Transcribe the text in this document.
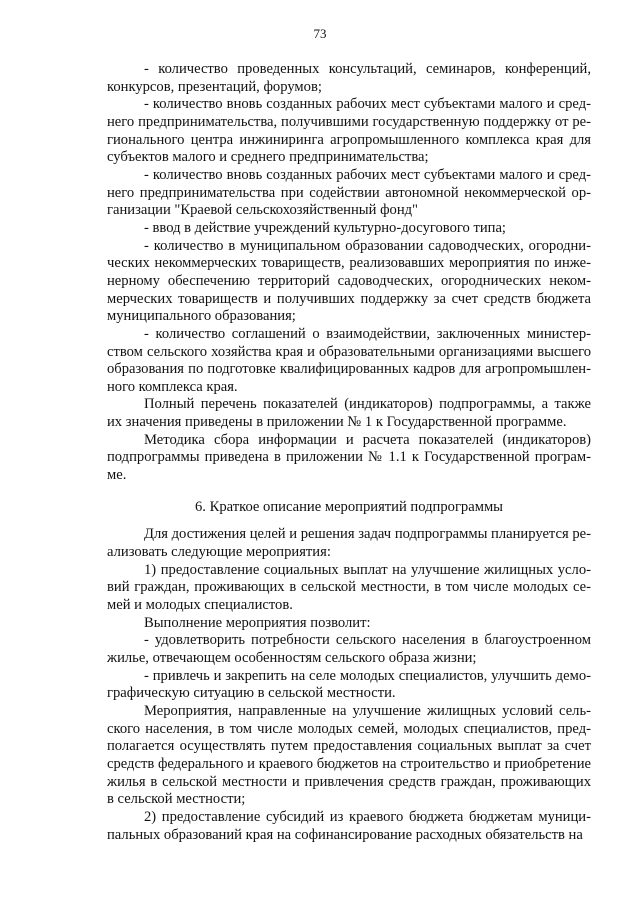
73

- количество проведенных консультаций, семинаров, конференций, конкурсов, презентаций, форумов;

- количество вновь созданных рабочих мест субъектами малого и среднего предпринимательства, получившими государственную поддержку от регионального центра инжиниринга агропромышленного комплекса края для субъектов малого и среднего предпринимательства;

- количество вновь созданных рабочих мест субъектами малого и среднего предпринимательства при содействии автономной некоммерческой организации "Краевой сельскохозяйственный фонд"

- ввод в действие учреждений культурно-досугового типа;

- количество в муниципальном образовании садоводческих, огороднических некоммерческих товариществ, реализовавших мероприятия по инженерному обеспечению территорий садоводческих, огороднических некоммерческих товариществ и получивших поддержку за счет средств бюджета муниципального образования;

- количество соглашений о взаимодействии, заключенных министерством сельского хозяйства края и образовательными организациями высшего образования по подготовке квалифицированных кадров для агропромышленного комплекса края.

Полный перечень показателей (индикаторов) подпрограммы, а также их значения приведены в приложении № 1 к Государственной программе.

Методика сбора информации и расчета показателей (индикаторов) подпрограммы приведена в приложении № 1.1 к Государственной программе.

6. Краткое описание мероприятий подпрограммы

Для достижения целей и решения задач подпрограммы планируется реализовать следующие мероприятия:

1) предоставление социальных выплат на улучшение жилищных условий граждан, проживающих в сельской местности, в том числе молодых семей и молодых специалистов.

Выполнение мероприятия позволит:

- удовлетворить потребности сельского населения в благоустроенном жилье, отвечающем особенностям сельского образа жизни;

- привлечь и закрепить на селе молодых специалистов, улучшить демографическую ситуацию в сельской местности.

Мероприятия, направленные на улучшение жилищных условий сельского населения, в том числе молодых семей, молодых специалистов, предполагается осуществлять путем предоставления социальных выплат за счет средств федерального и краевого бюджетов на строительство и приобретение жилья в сельской местности и привлечения средств граждан, проживающих в сельской местности;

2) предоставление субсидий из краевого бюджета бюджетам муниципальных образований края на софинансирование расходных обязательств на
